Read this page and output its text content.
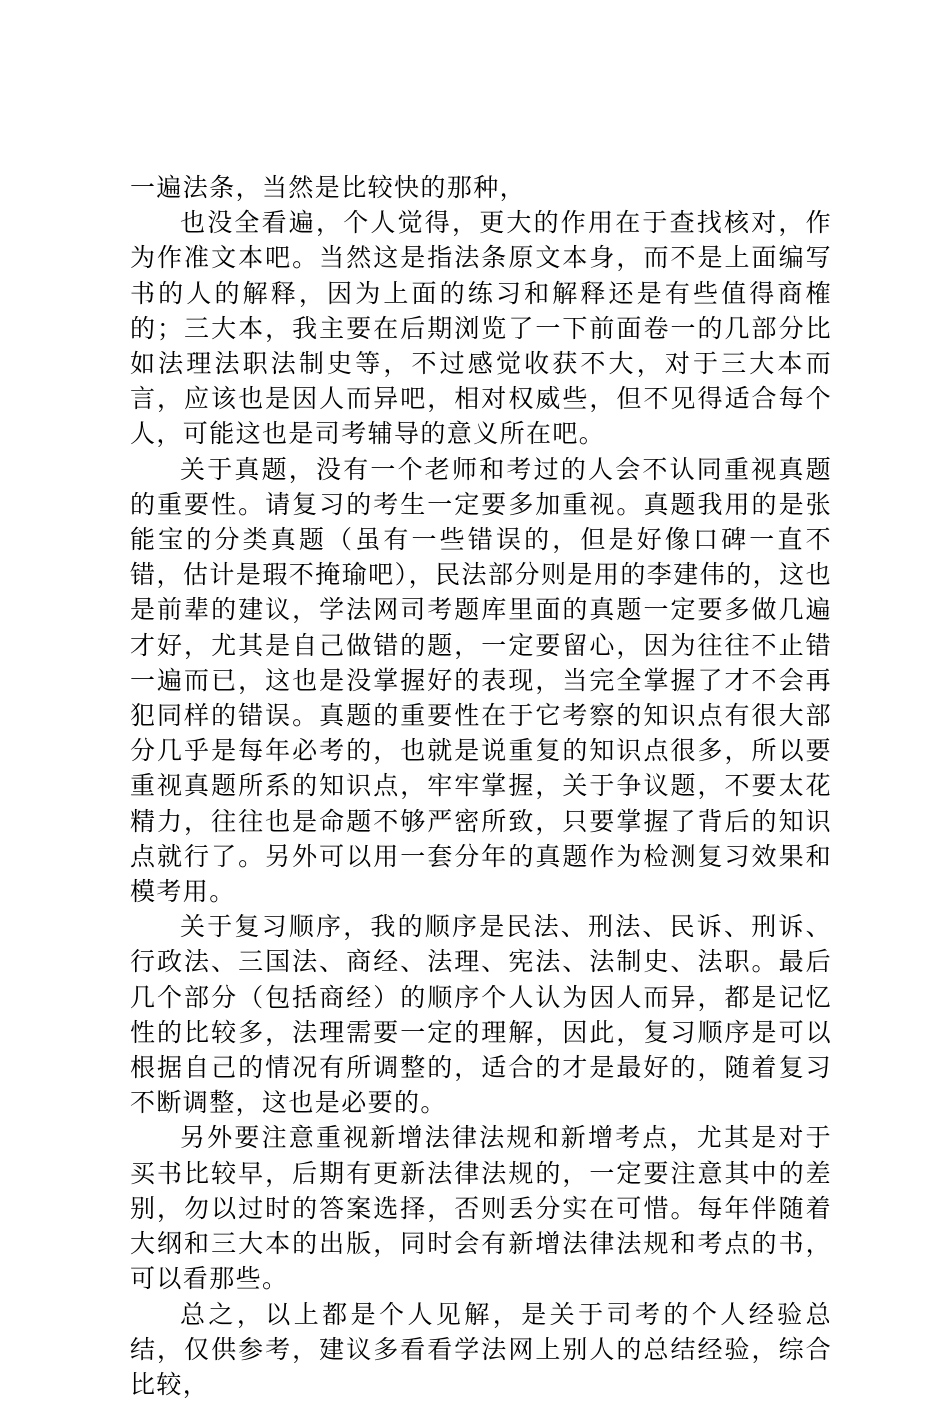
一遍法条，当然是比较快的那种，

也没全看遍，个人觉得，更大的作用在于查找核对，作为作准文本吧。当然这是指法条原文本身，而不是上面编写书的人的解释，因为上面的练习和解释还是有些值得商榷的；三大本，我主要在后期浏览了一下前面卷一的几部分比如法理法职法制史等，不过感觉收获不大，对于三大本而言，应该也是因人而异吧，相对权威些，但不见得适合每个人，可能这也是司考辅导的意义所在吧。

关于真题，没有一个老师和考过的人会不认同重视真题的重要性。请复习的考生一定要多加重视。真题我用的是张能宝的分类真题（虽有一些错误的，但是好像口碑一直不错，估计是瑕不掩瑜吧），民法部分则是用的李建伟的，这也是前辈的建议，学法网司考题库里面的真题一定要多做几遍才好，尤其是自己做错的题，一定要留心，因为往往不止错一遍而已，这也是没掌握好的表现，当完全掌握了才不会再犯同样的错误。真题的重要性在于它考察的知识点有很大部分几乎是每年必考的，也就是说重复的知识点很多，所以要重视真题所系的知识点，牢牢掌握，关于争议题，不要太花精力，往往也是命题不够严密所致，只要掌握了背后的知识点就行了。另外可以用一套分年的真题作为检测复习效果和模考用。

关于复习顺序，我的顺序是民法、刑法、民诉、刑诉、行政法、三国法、商经、法理、宪法、法制史、法职。最后几个部分（包括商经）的顺序个人认为因人而异，都是记忆性的比较多，法理需要一定的理解，因此，复习顺序是可以根据自己的情况有所调整的，适合的才是最好的，随着复习不断调整，这也是必要的。

另外要注意重视新增法律法规和新增考点，尤其是对于买书比较早，后期有更新法律法规的，一定要注意其中的差别，勿以过时的答案选择，否则丢分实在可惜。每年伴随着大纲和三大本的出版，同时会有新增法律法规和考点的书，可以看那些。

总之，以上都是个人见解，是关于司考的个人经验总结，仅供参考，建议多看看学法网上别人的总结经验，综合比较，
